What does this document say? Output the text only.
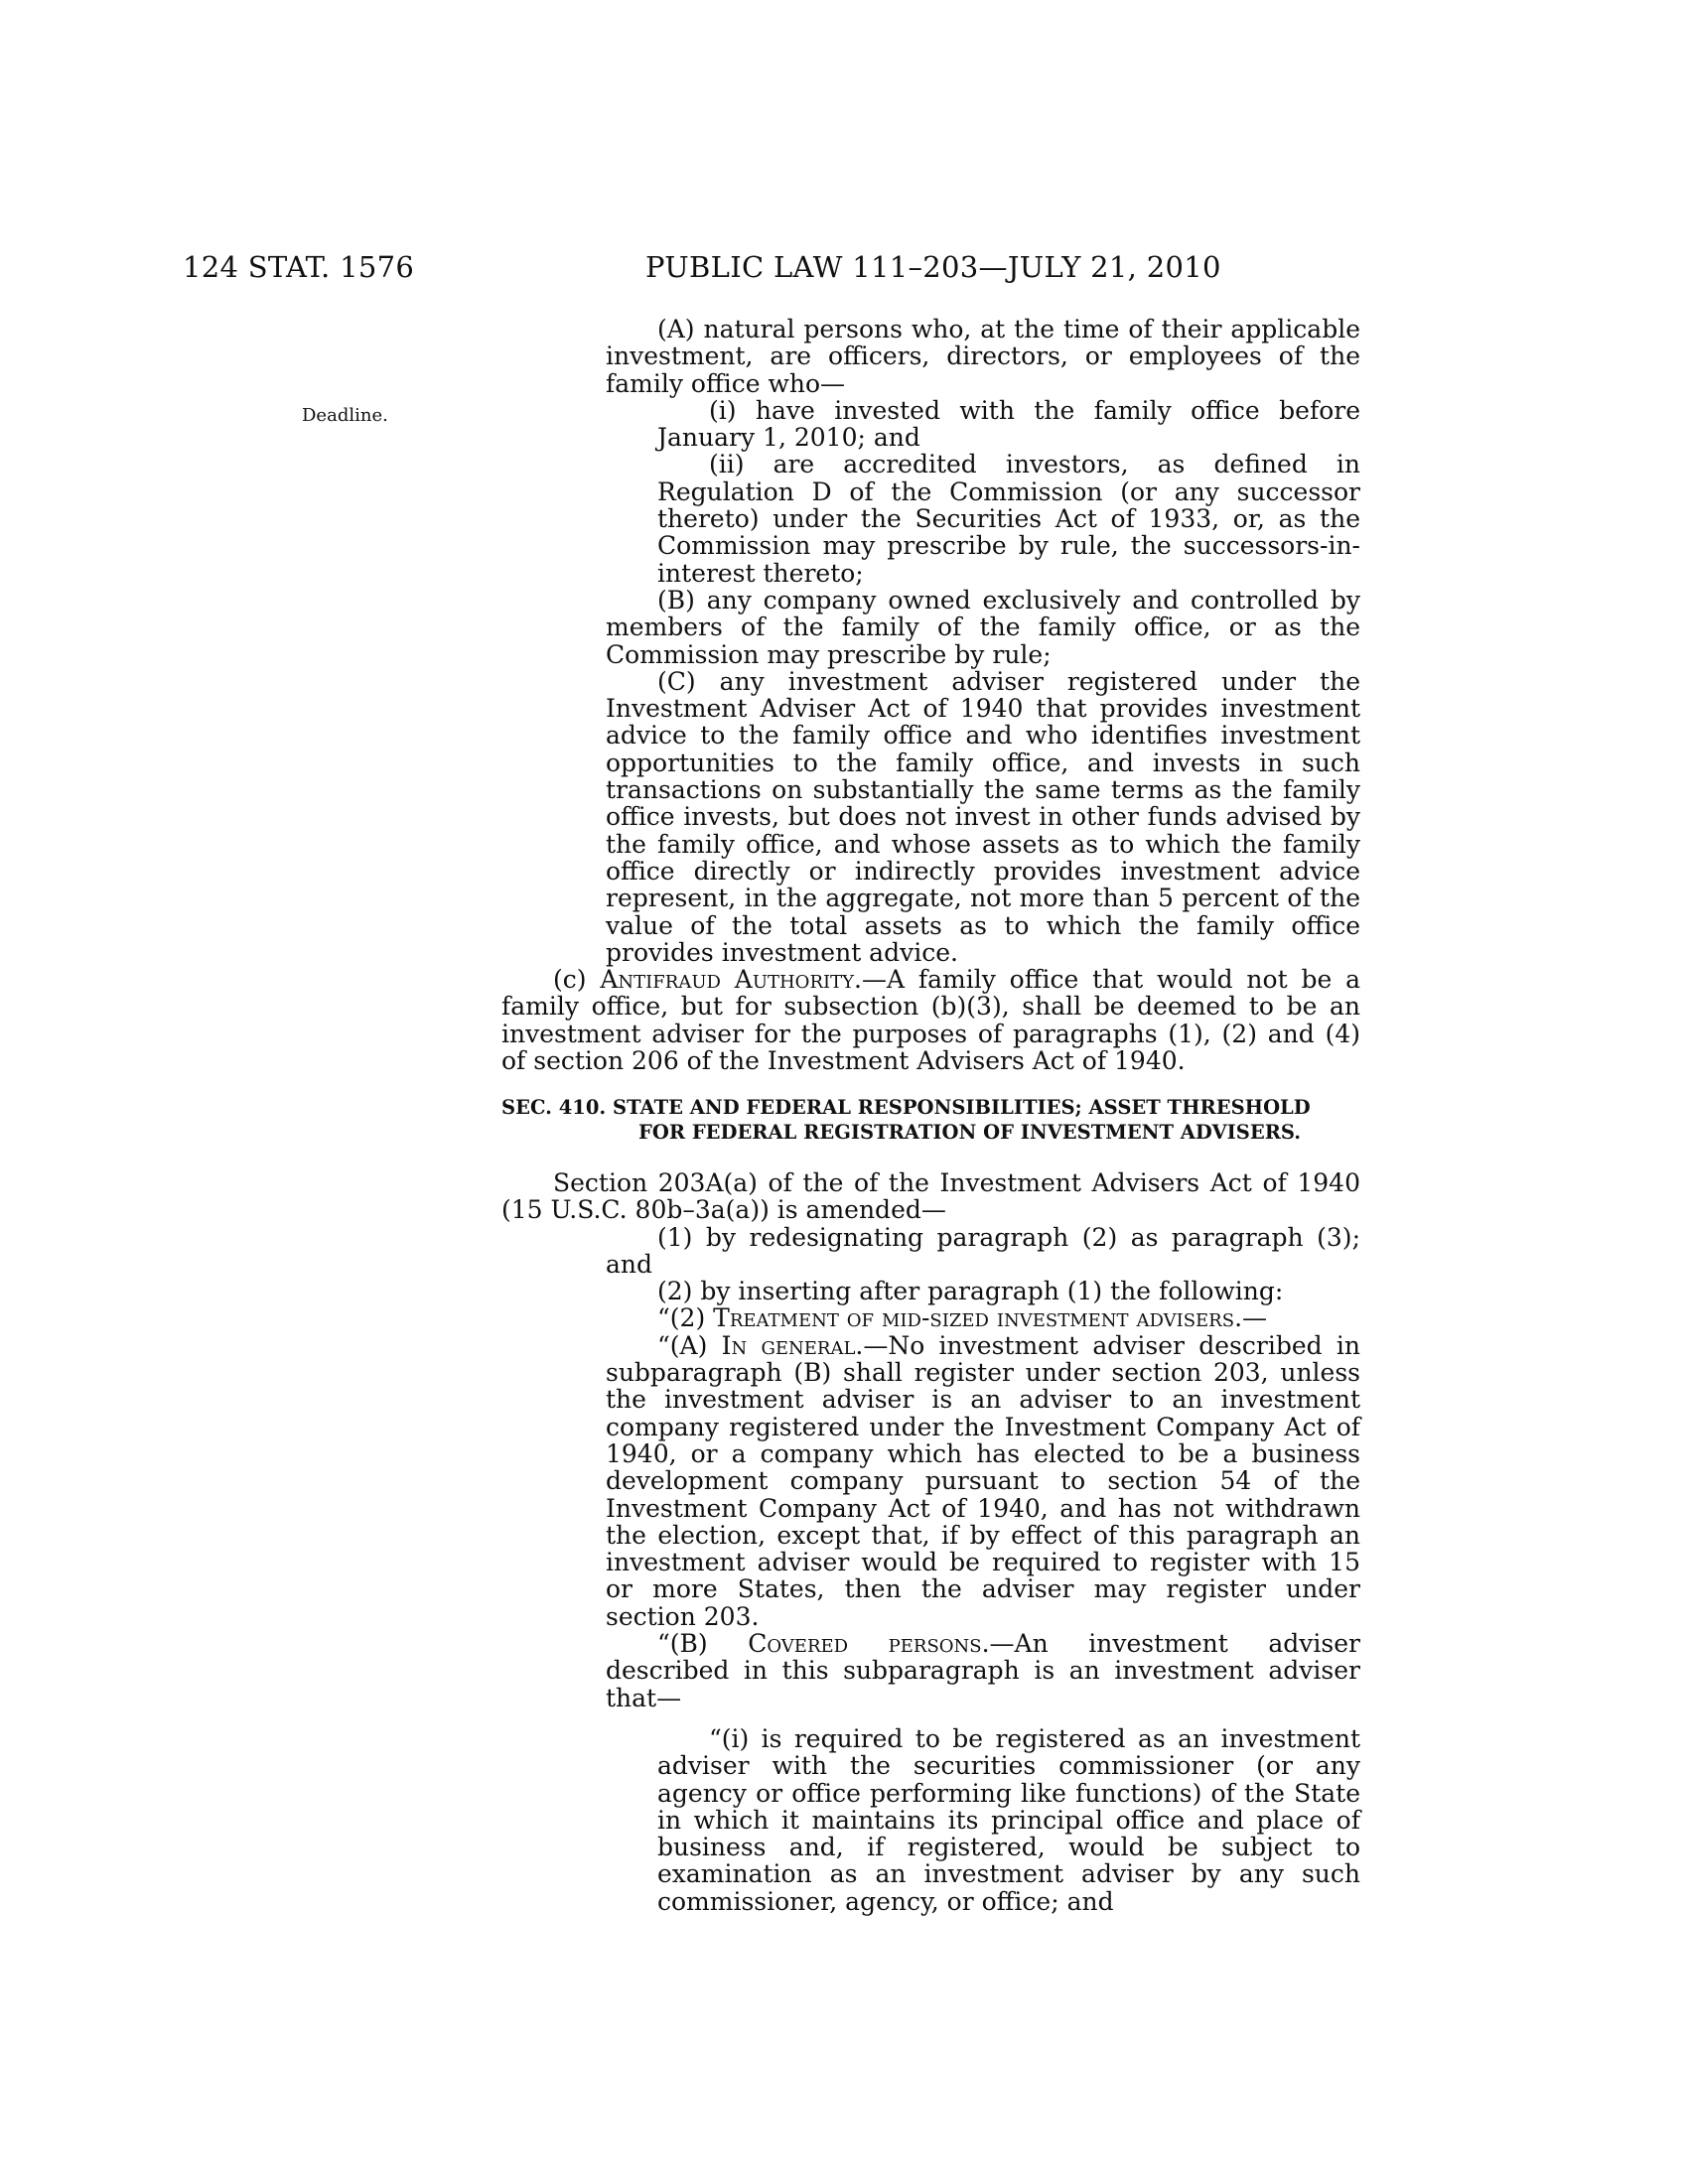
124 STAT. 1576	PUBLIC LAW 111–203—JULY 21, 2010
Deadline.

(A) natural persons who, at the time of their applicable investment, are officers, directors, or employees of the family office who—

(i) have invested with the family office before January 1, 2010; and

(ii) are accredited investors, as defined in Regulation D of the Commission (or any successor thereto) under the Securities Act of 1933, or, as the Commission may prescribe by rule, the successors-in-interest thereto;

(B) any company owned exclusively and controlled by members of the family of the family office, or as the Commission may prescribe by rule;

(C) any investment adviser registered under the Investment Adviser Act of 1940 that provides investment advice to the family office and who identifies investment opportunities to the family office, and invests in such transactions on substantially the same terms as the family office invests, but does not invest in other funds advised by the family office, and whose assets as to which the family office directly or indirectly provides investment advice represent, in the aggregate, not more than 5 percent of the value of the total assets as to which the family office provides investment advice.

(c) Antifraud Authority.—A family office that would not be a family office, but for subsection (b)(3), shall be deemed to be an investment adviser for the purposes of paragraphs (1), (2) and (4) of section 206 of the Investment Advisers Act of 1940.

SEC. 410. STATE AND FEDERAL RESPONSIBILITIES; ASSET THRESHOLD
FOR FEDERAL REGISTRATION OF INVESTMENT ADVISERS.

Section 203A(a) of the of the Investment Advisers Act of 1940 (15 U.S.C. 80b–3a(a)) is amended—

(1) by redesignating paragraph (2) as paragraph (3); and

(2) by inserting after paragraph (1) the following:

“(2) Treatment of mid-sized investment advisers.—

“(A) In general.—No investment adviser described in subparagraph (B) shall register under section 203, unless the investment adviser is an adviser to an investment company registered under the Investment Company Act of 1940, or a company which has elected to be a business development company pursuant to section 54 of the Investment Company Act of 1940, and has not withdrawn the election, except that, if by effect of this paragraph an investment adviser would be required to register with 15 or more States, then the adviser may register under section 203.

“(B) Covered persons.—An investment adviser described in this subparagraph is an investment adviser that—

“(i) is required to be registered as an investment adviser with the securities commissioner (or any agency or office performing like functions) of the State in which it maintains its principal office and place of business and, if registered, would be subject to examination as an investment adviser by any such commissioner, agency, or office; and
